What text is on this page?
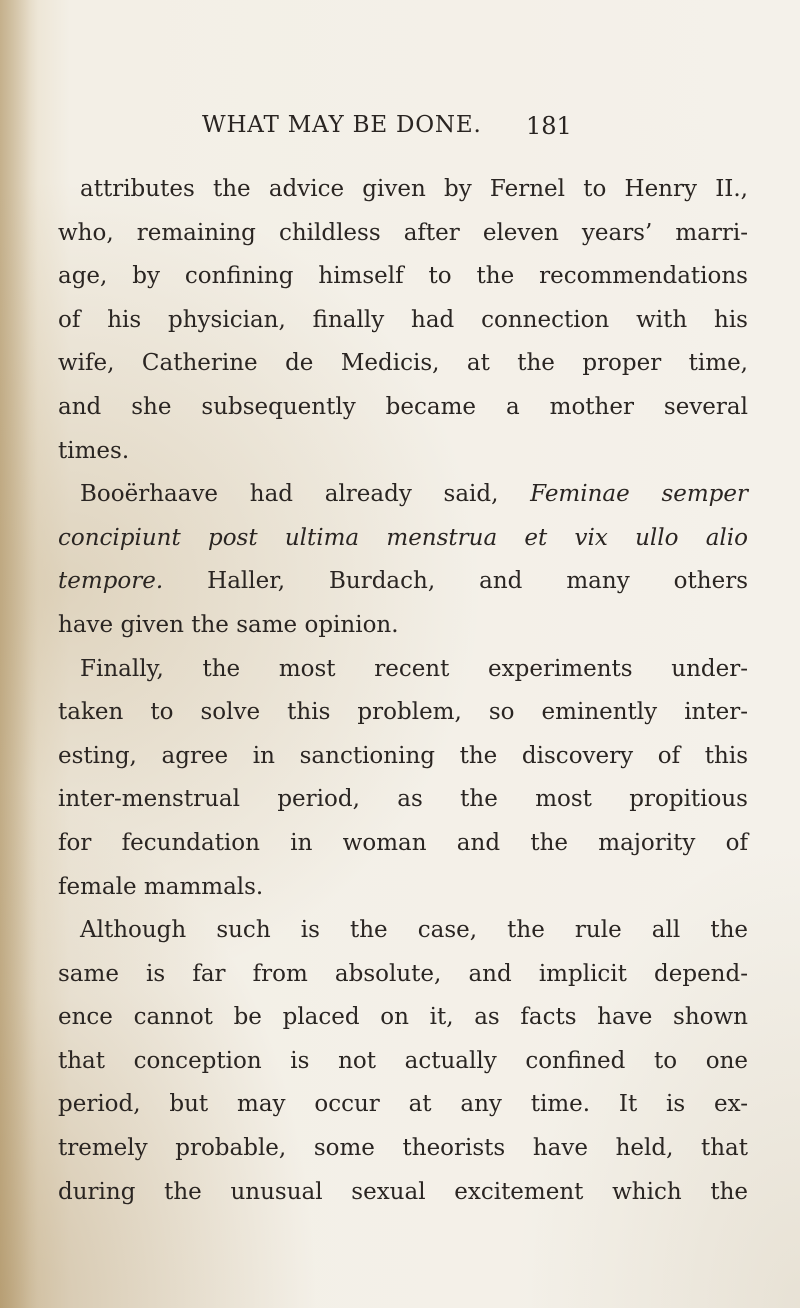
WHAT MAY BE DONE. 181
attributes the advice given by Fernel to Henry II.,
who, remaining childless after eleven years’ marri-
age, by confining himself to the recommendations
of his physician, finally had connection with his
wife, Catherine de Medicis, at the proper time,
and she subsequently became a mother several
times.
Booërhaave had already said, Feminae semper
concipiunt post ultima menstrua et vix ullo alio
tempore. Haller, Burdach, and many others
have given the same opinion.
Finally, the most recent experiments under-
taken to solve this problem, so eminently inter-
esting, agree in sanctioning the discovery of this
inter-menstrual period, as the most propitious
for fecundation in woman and the majority of
female mammals.
Although such is the case, the rule all the
same is far from absolute, and implicit depend-
ence cannot be placed on it, as facts have shown
that conception is not actually confined to one
period, but may occur at any time. It is ex-
tremely probable, some theorists have held, that
during the unusual sexual excitement which the
